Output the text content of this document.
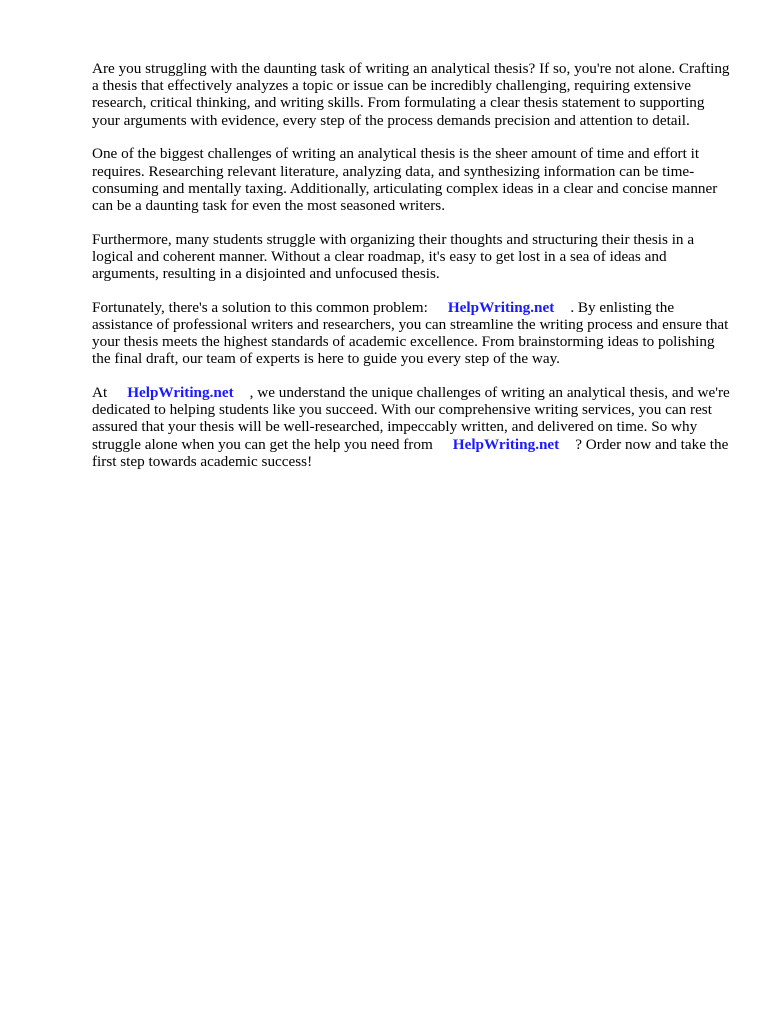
Are you struggling with the daunting task of writing an analytical thesis? If so, you're not alone. Crafting a thesis that effectively analyzes a topic or issue can be incredibly challenging, requiring extensive research, critical thinking, and writing skills. From formulating a clear thesis statement to supporting your arguments with evidence, every step of the process demands precision and attention to detail.

One of the biggest challenges of writing an analytical thesis is the sheer amount of time and effort it requires. Researching relevant literature, analyzing data, and synthesizing information can be time-consuming and mentally taxing. Additionally, articulating complex ideas in a clear and concise manner can be a daunting task for even the most seasoned writers.

Furthermore, many students struggle with organizing their thoughts and structuring their thesis in a logical and coherent manner. Without a clear roadmap, it's easy to get lost in a sea of ideas and arguments, resulting in a disjointed and unfocused thesis.

Fortunately, there's a solution to this common problem: HelpWriting.net . By enlisting the assistance of professional writers and researchers, you can streamline the writing process and ensure that your thesis meets the highest standards of academic excellence. From brainstorming ideas to polishing the final draft, our team of experts is here to guide you every step of the way.

At HelpWriting.net , we understand the unique challenges of writing an analytical thesis, and we're dedicated to helping students like you succeed. With our comprehensive writing services, you can rest assured that your thesis will be well-researched, impeccably written, and delivered on time. So why struggle alone when you can get the help you need from HelpWriting.net ? Order now and take the first step towards academic success!
